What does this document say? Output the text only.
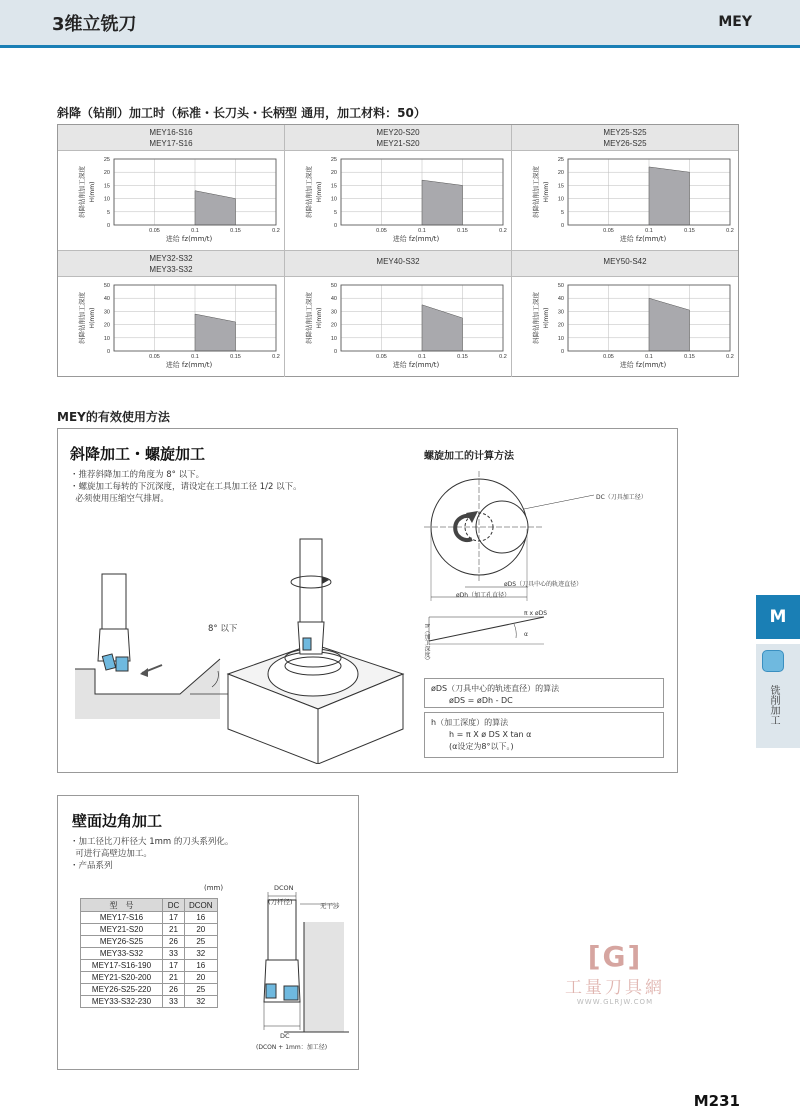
3维立铣刀	MEY
斜降（钻削）加工时（标准・长刀头・长柄型 通用，加工材料：50）
MEY16-S16
MEY17-S16
0
5
10
15
20
25
0.05	0.1	0.15	0.2
进给 fz(mm/t)
斜降钻削加工深度 H(mm)
MEY20-S20
MEY21-S20
0
5
10
15
20
25
0.05	0.1	0.15	0.2
进给 fz(mm/t)
斜降钻削加工深度 H(mm)
MEY25-S25
MEY26-S25
0
5
10
15
20
25
0.05	0.1	0.15	0.2
进给 fz(mm/t)
斜降钻削加工深度 H(mm)
MEY32-S32
MEY33-S32
0
10
20
30
40
50
0.05	0.1	0.15	0.2
进给 fz(mm/t)
斜降钻削加工深度 H(mm)
MEY40-S32
0
10
20
30
40
50
0.05	0.1	0.15	0.2
进给 fz(mm/t)
斜降钻削加工深度 H(mm)
MEY50-S42
0
10
20
30
40
50
0.05	0.1	0.15	0.2
进给 fz(mm/t)
斜降钻削加工深度 H(mm)
MEY的有效使用方法
斜降加工・螺旋加工
・推荐斜降加工的角度为 8° 以下。
・螺旋加工每转的下沉深度，请设定在工具加工径 1/2 以下。
必须使用压缩空气排屑。
8° 以下
螺旋加工的计算方法
DC（刀具加工径）
øDS（刀具中心的轨迹直径）
øDh（加工孔直径）
π x øDS
h（加工深度）	α
øDS（刀具中心的轨迹直径）的算法
øDS = øDh - DC
h（加工深度）的算法
h = π X ø DS X tan α
(α设定为8°以下。)
壁面边角加工
・加工径比刀杆径大 1mm 的刀头系列化。
可进行高壁边加工。
・产品系列
(mm)
型　号	DC	DCON
MEY17-S16	17	16
MEY21-S20	21	20
MEY26-S25	26	25
MEY33-S32	33	32
MEY17-S16-190	17	16
MEY21-S20-200	21	20
MEY26-S25-220	26	25
MEY33-S32-230	33	32
DCON
(刀杆径)	无干涉
DC
(DCON + 1mm：加工径)
[G]
工量刀具網
WWW.GLRJW.COM
M
铣削加工
M231
